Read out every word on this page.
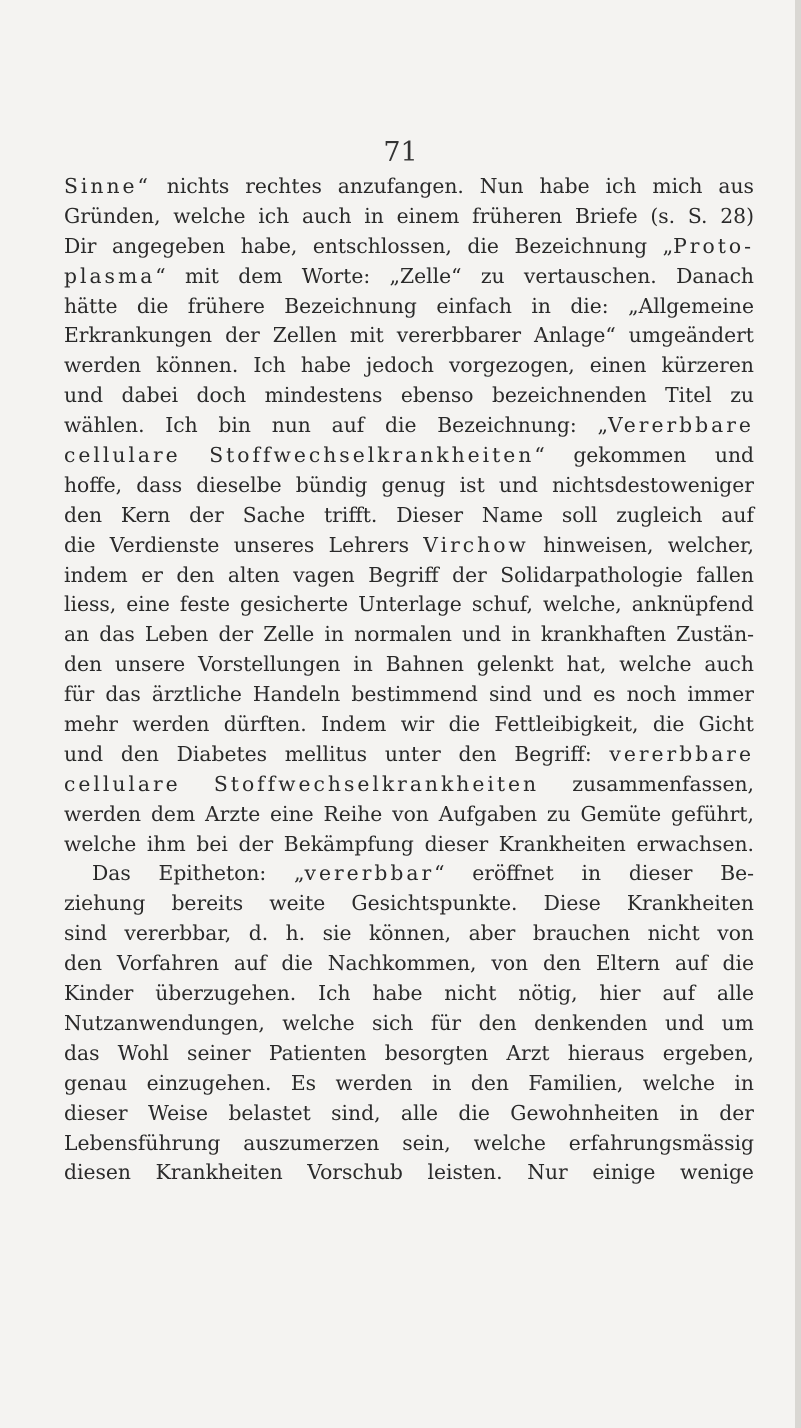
71
Sinne“ nichts rechtes anzufangen. Nun habe ich mich aus
Gründen, welche ich auch in einem früheren Briefe (s. S. 28)
Dir angegeben habe, entschlossen, die Bezeichnung „Proto-
plasma“ mit dem Worte: „Zelle“ zu vertauschen. Danach
hätte die frühere Bezeichnung einfach in die: „Allgemeine
Erkrankungen der Zellen mit vererbbarer Anlage“ umgeändert
werden können. Ich habe jedoch vorgezogen, einen kürzeren
und dabei doch mindestens ebenso bezeichnenden Titel zu
wählen. Ich bin nun auf die Bezeichnung: „Vererbbare
cellulare Stoffwechselkrankheiten“ gekommen und
hoffe, dass dieselbe bündig genug ist und nichtsdestoweniger
den Kern der Sache trifft. Dieser Name soll zugleich auf
die Verdienste unseres Lehrers Virchow hinweisen, welcher,
indem er den alten vagen Begriff der Solidarpathologie fallen
liess, eine feste gesicherte Unterlage schuf, welche, anknüpfend
an das Leben der Zelle in normalen und in krankhaften Zustän-
den unsere Vorstellungen in Bahnen gelenkt hat, welche auch
für das ärztliche Handeln bestimmend sind und es noch immer
mehr werden dürften. Indem wir die Fettleibigkeit, die Gicht
und den Diabetes mellitus unter den Begriff: vererbbare
cellulare Stoffwechselkrankheiten zusammenfassen,
werden dem Arzte eine Reihe von Aufgaben zu Gemüte geführt,
welche ihm bei der Bekämpfung dieser Krankheiten erwachsen.
Das Epitheton: „vererbbar“ eröffnet in dieser Be-
ziehung bereits weite Gesichtspunkte. Diese Krankheiten
sind vererbbar, d. h. sie können, aber brauchen nicht von
den Vorfahren auf die Nachkommen, von den Eltern auf die
Kinder überzugehen. Ich habe nicht nötig, hier auf alle
Nutzanwendungen, welche sich für den denkenden und um
das Wohl seiner Patienten besorgten Arzt hieraus ergeben,
genau einzugehen. Es werden in den Familien, welche in
dieser Weise belastet sind, alle die Gewohnheiten in der
Lebensführung auszumerzen sein, welche erfahrungsmässig
diesen Krankheiten Vorschub leisten. Nur einige wenige
